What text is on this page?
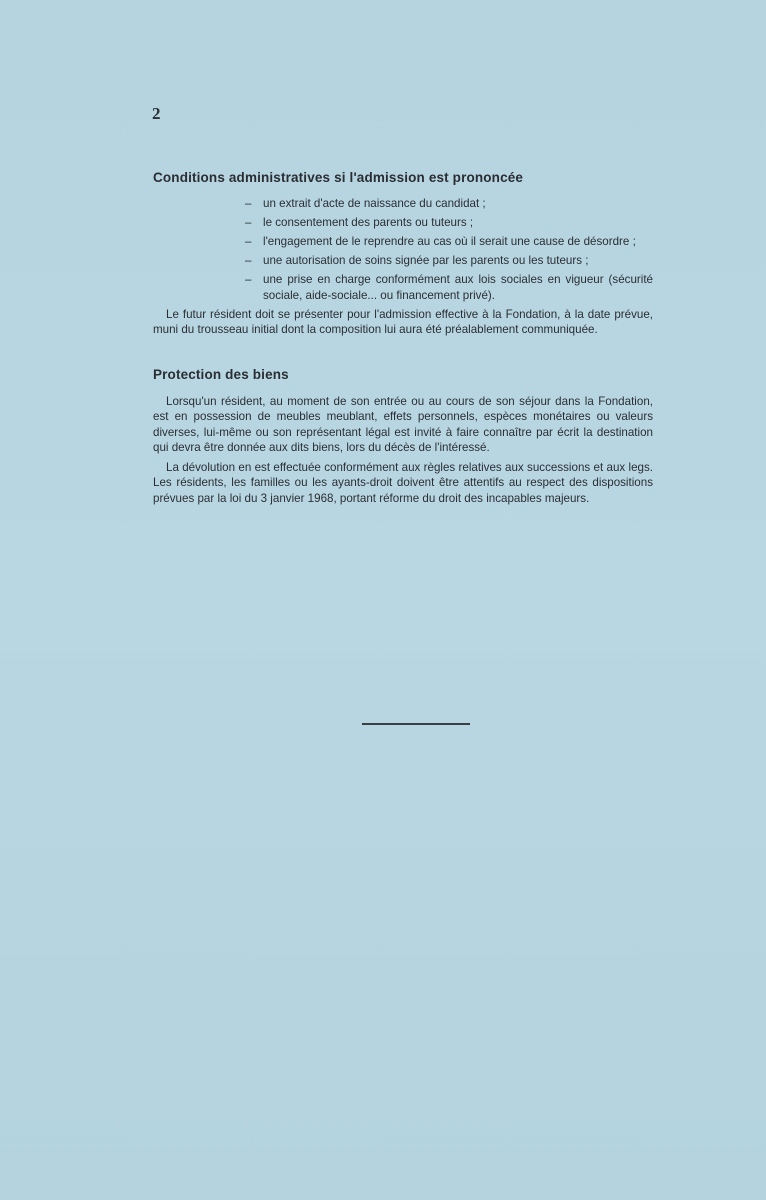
2
Conditions administratives si l'admission est prononcée
– un extrait d'acte de naissance du candidat ;
– le consentement des parents ou tuteurs ;
– l'engagement de le reprendre au cas où il serait une cause de désordre ;
– une autorisation de soins signée par les parents ou les tuteurs ;
– une prise en charge conformément aux lois sociales en vigueur (sécurité sociale, aide-sociale... ou financement privé).

Le futur résident doit se présenter pour l'admission effective à la Fondation, à la date prévue, muni du trousseau initial dont la composition lui aura été préalablement communiquée.

Protection des biens

Lorsqu'un résident, au moment de son entrée ou au cours de son séjour dans la Fondation, est en possession de meubles meublant, effets personnels, espèces monétaires ou valeurs diverses, lui-même ou son représentant légal est invité à faire connaître par écrit la destination qui devra être donnée aux dits biens, lors du décès de l'intéressé.

La dévolution en est effectuée conformément aux règles relatives aux successions et aux legs. Les résidents, les familles ou les ayants-droit doivent être attentifs au respect des dispositions prévues par la loi du 3 janvier 1968, portant réforme du droit des incapables majeurs.
